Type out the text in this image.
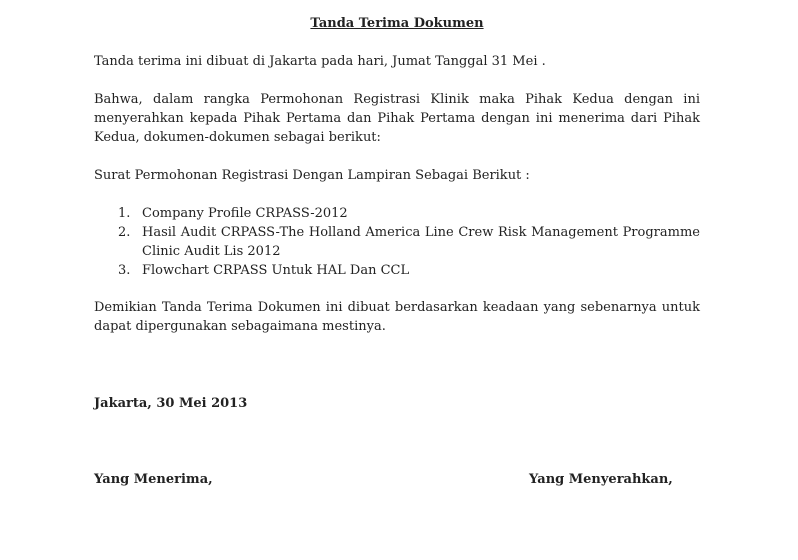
Tanda Terima Dokumen

Tanda terima ini dibuat di Jakarta pada hari, Jumat Tanggal 31 Mei .

Bahwa, dalam rangka Permohonan Registrasi Klinik maka Pihak Kedua dengan ini menyerahkan kepada Pihak Pertama dan Pihak Pertama dengan ini menerima dari Pihak Kedua, dokumen-dokumen sebagai berikut:

Surat Permohonan Registrasi Dengan Lampiran Sebagai Berikut :

1. Company Profile CRPASS-2012
2. Hasil Audit CRPASS-The Holland America Line Crew Risk Management Programme Clinic Audit Lis 2012
3. Flowchart CRPASS Untuk HAL Dan CCL

Demikian Tanda Terima Dokumen ini dibuat berdasarkan keadaan yang sebenarnya untuk dapat dipergunakan sebagaimana mestinya.

Jakarta, 30 Mei 2013
Yang Menerima,	Yang Menyerahkan,
